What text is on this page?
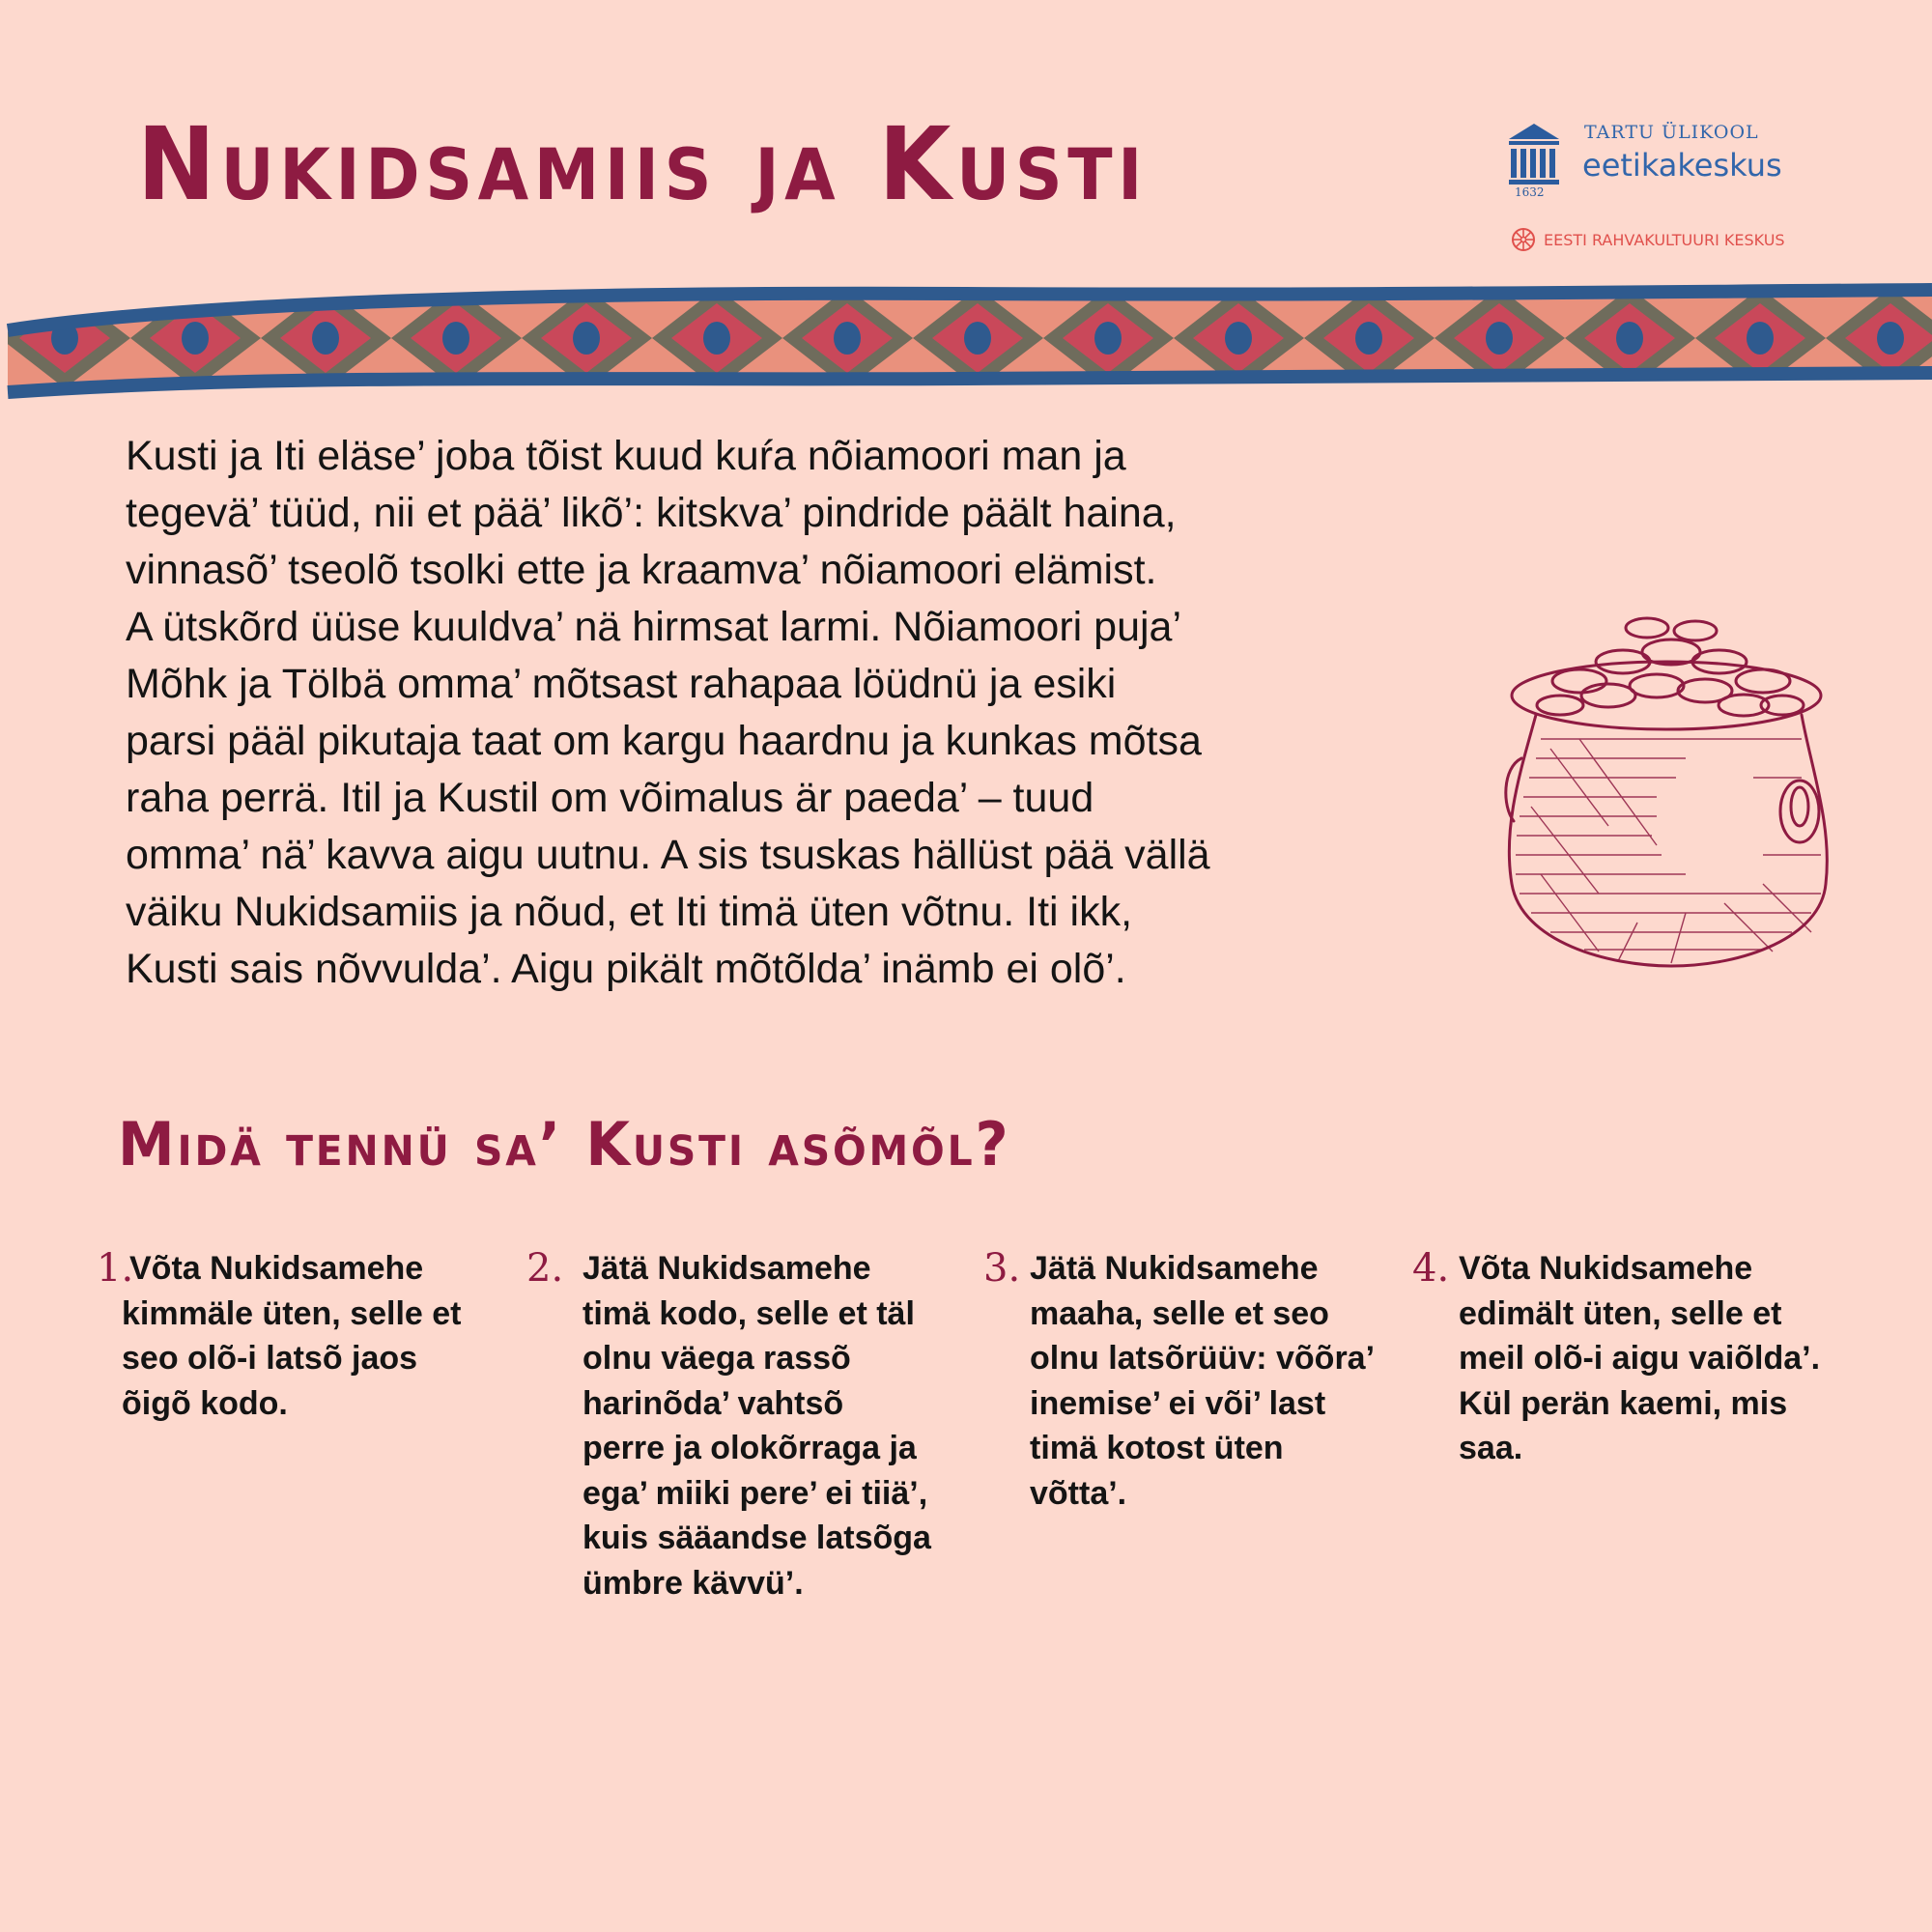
Nukidsamiis ja Kusti	1632
TARTU ÜLIKOOL
eetikakeskus
EESTI RAHVAKULTUURI KESKUS

Kusti ja Iti eläse’ joba tõist kuud kuŕa nõiamoori man ja
tegevä’ tüüd, nii et pää’ likõ’: kitskva’ pindride päält haina,
vinnasõ’ tseolõ tsolki ette ja kraamva’ nõiamoori elämist.
A ütskõrd üüse kuuldva’ nä hirmsat larmi. Nõiamoori puja’
Mõhk ja Tölbä omma’ mõtsast rahapaa löüdnü ja esiki
parsi pääl pikutaja taat om kargu haardnu ja kunkas mõtsa
raha perrä. Itil ja Kustil om võimalus är paeda’ – tuud
omma’ nä’ kavva aigu uutnu. A sis tsuskas hällüst pää vällä
väiku Nukidsamiis ja nõud, et Iti timä üten võtnu. Iti ikk,
Kusti sais nõvvulda’. Aigu pikält mõtõlda’ inämb ei olõ’.

Midä tennü sa’ Kusti asõmõl?
1.
Võta Nukidsamehe
kimmäle üten, selle et
seo olõ-i latsõ jaos
õigõ kodo.
2. Jätä Nukidsamehe
timä kodo, selle et täl
olnu väega rassõ
harinõda’ vahtsõ
perre ja olokõrraga ja
ega’ miiki pere’ ei tiiä’,
kuis sääandse latsõga
ümbre kävvü’.
3. Jätä Nukidsamehe
maaha, selle et seo
olnu latsõrüüv: võõra’
inemise’ ei või’ last
timä kotost üten
võtta’.
4. Võta Nukidsamehe
edimält üten, selle et
meil olõ-i aigu vaiõlda’.
Kül perän kaemi, mis
saa.
